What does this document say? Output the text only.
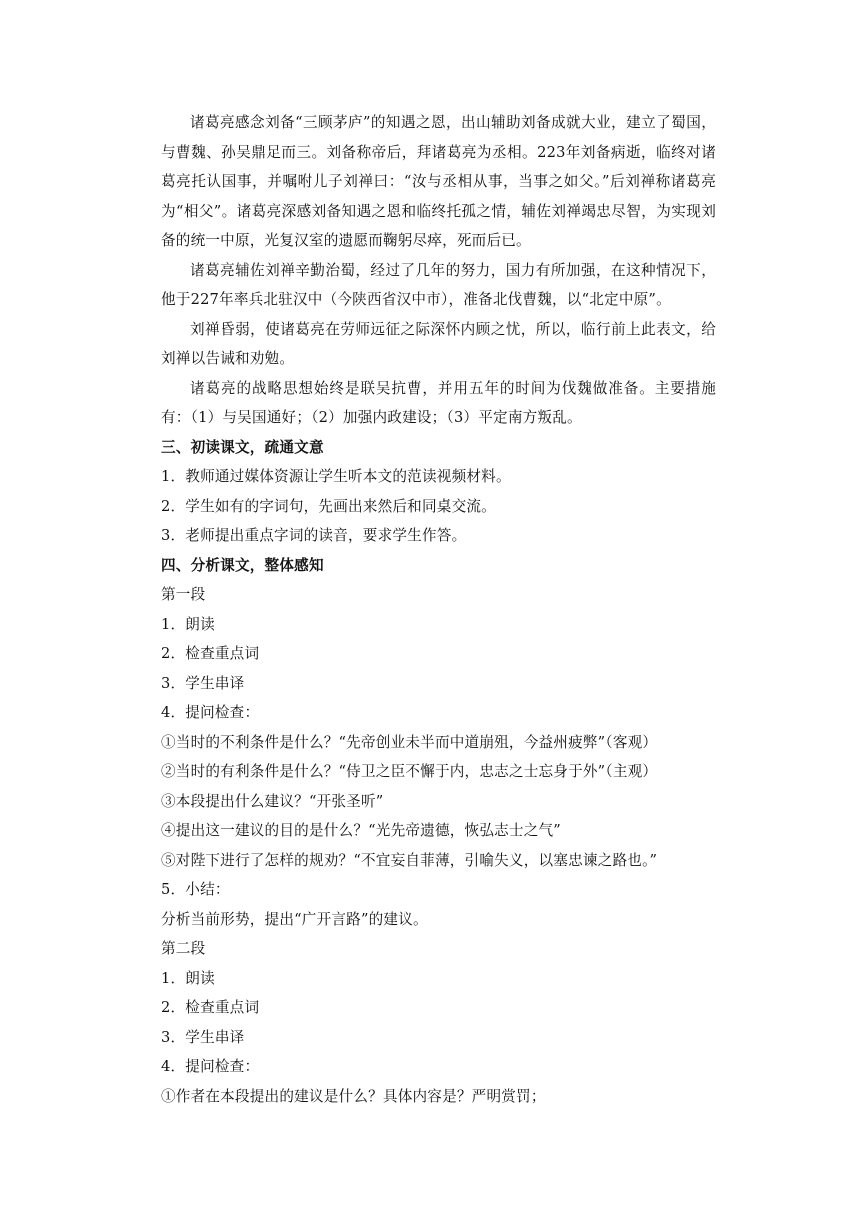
诸葛亮感念刘备“三顾茅庐”的知遇之恩，出山辅助刘备成就大业，建立了蜀国，与曹魏、孙吴鼎足而三。刘备称帝后，拜诸葛亮为丞相。223年刘备病逝，临终对诸葛亮托认国事，并嘱咐儿子刘禅曰：“汝与丞相从事，当事之如父。”后刘禅称诸葛亮为“相父”。诸葛亮深感刘备知遇之恩和临终托孤之情，辅佐刘禅竭忠尽智，为实现刘备的统一中原，光复汉室的遗愿而鞠躬尽瘁，死而后已。

诸葛亮辅佐刘禅辛勤治蜀，经过了几年的努力，国力有所加强，在这种情况下，他于227年率兵北驻汉中（今陕西省汉中市），准备北伐曹魏，以“北定中原”。

刘禅昏弱，使诸葛亮在劳师远征之际深怀内顾之忧，所以，临行前上此表文，给刘禅以告诫和劝勉。

诸葛亮的战略思想始终是联吴抗曹，并用五年的时间为伐魏做准备。主要措施有：（1）与吴国通好；（2）加强内政建设；（3）平定南方叛乱。

三、初读课文，疏通文意

1．教师通过媒体资源让学生听本文的范读视频材料。

2．学生如有的字词句，先画出来然后和同桌交流。

3．老师提出重点字词的读音，要求学生作答。

四、分析课文，整体感知

第一段

1．朗读

2．检查重点词

3．学生串译

4．提问检查：

①当时的不利条件是什么？“先帝创业未半而中道崩殂，今益州疲弊”（客观）

②当时的有利条件是什么？“侍卫之臣不懈于内，忠志之士忘身于外”（主观）

③本段提出什么建议？“开张圣听”

④提出这一建议的目的是什么？“光先帝遗德，恢弘志士之气”

⑤对陛下进行了怎样的规劝？“不宜妄自菲薄，引喻失义，以塞忠谏之路也。”

5．小结：

分析当前形势，提出“广开言路”的建议。

第二段

1．朗读

2．检查重点词

3．学生串译

4．提问检查：

①作者在本段提出的建议是什么？具体内容是？严明赏罚；
